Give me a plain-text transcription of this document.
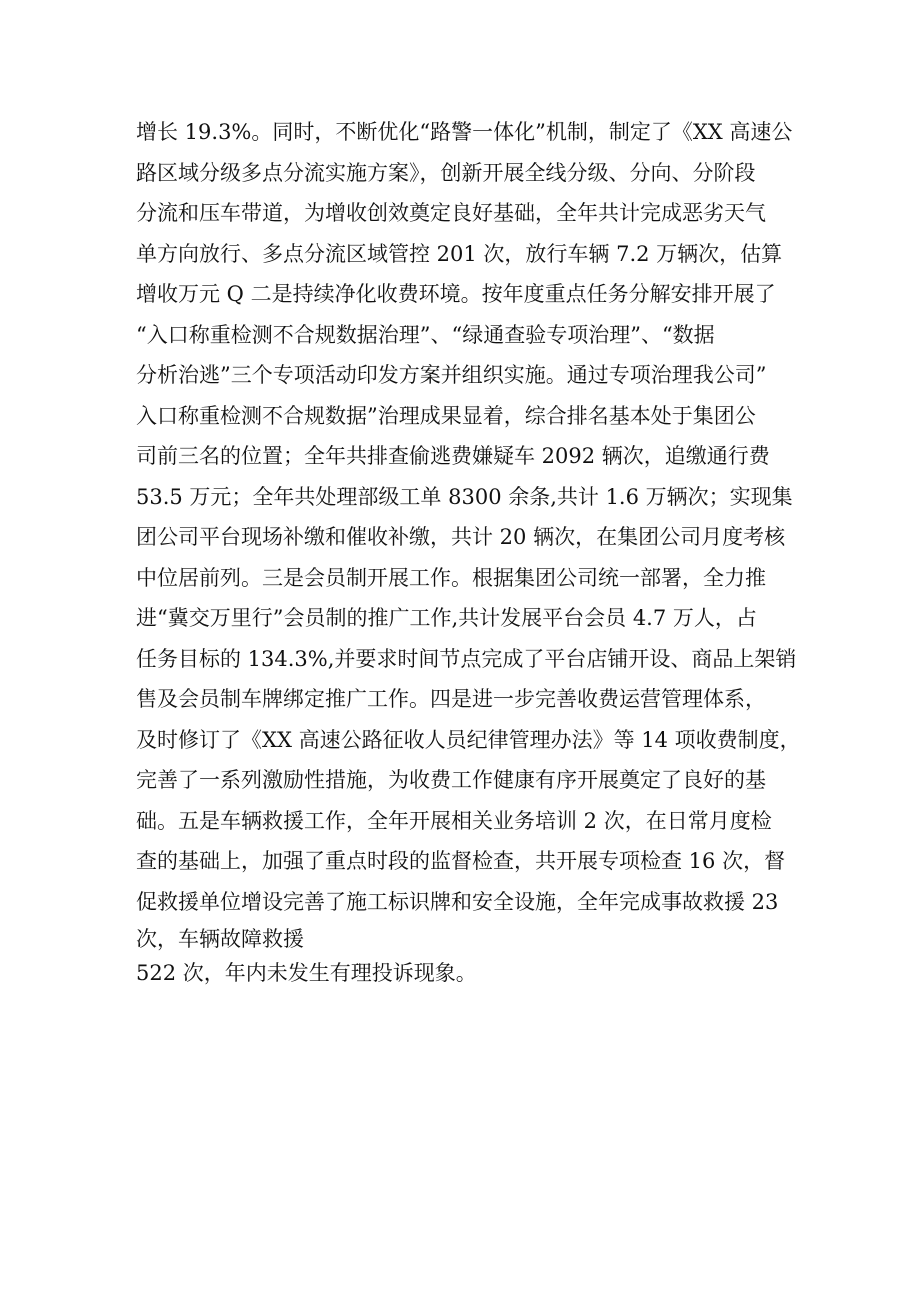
增长 19.3%。同时，不断优化“路警一体化”机制，制定了《XX 高速公
路区域分级多点分流实施方案》，创新开展全线分级、分向、分阶段
分流和压车带道，为增收创效奠定良好基础，全年共计完成恶劣天气
单方向放行、多点分流区域管控 201 次，放行车辆 7.2 万辆次，估算
增收万元 Q 二是持续净化收费环境。按年度重点任务分解安排开展了
“入口称重检测不合规数据治理”、“绿通查验专项治理”、“数据
分析治逃”三个专项活动印发方案并组织实施。通过专项治理我公司”
入口称重检测不合规数据”治理成果显着，综合排名基本处于集团公
司前三名的位置；全年共排查偷逃费嫌疑车 2092 辆次，追缴通行费
53.5 万元；全年共处理部级工单 8300 余条,共计 1.6 万辆次；实现集
团公司平台现场补缴和催收补缴，共计 20 辆次，在集团公司月度考核
中位居前列。三是会员制开展工作。根据集团公司统一部署，全力推
进“冀交万里行”会员制的推广工作,共计发展平台会员 4.7 万人，占
任务目标的 134.3%,并要求时间节点完成了平台店铺开设、商品上架销
售及会员制车牌绑定推广工作。四是进一步完善收费运营管理体系，
及时修订了《XX 高速公路征收人员纪律管理办法》等 14 项收费制度，
完善了一系列激励性措施，为收费工作健康有序开展奠定了良好的基
础。五是车辆救援工作，全年开展相关业务培训 2 次，在日常月度检
查的基础上，加强了重点时段的监督检查，共开展专项检查 16 次，督
促救援单位增设完善了施工标识牌和安全设施，全年完成事故救援 23
次，车辆故障救援
522 次，年内未发生有理投诉现象。
